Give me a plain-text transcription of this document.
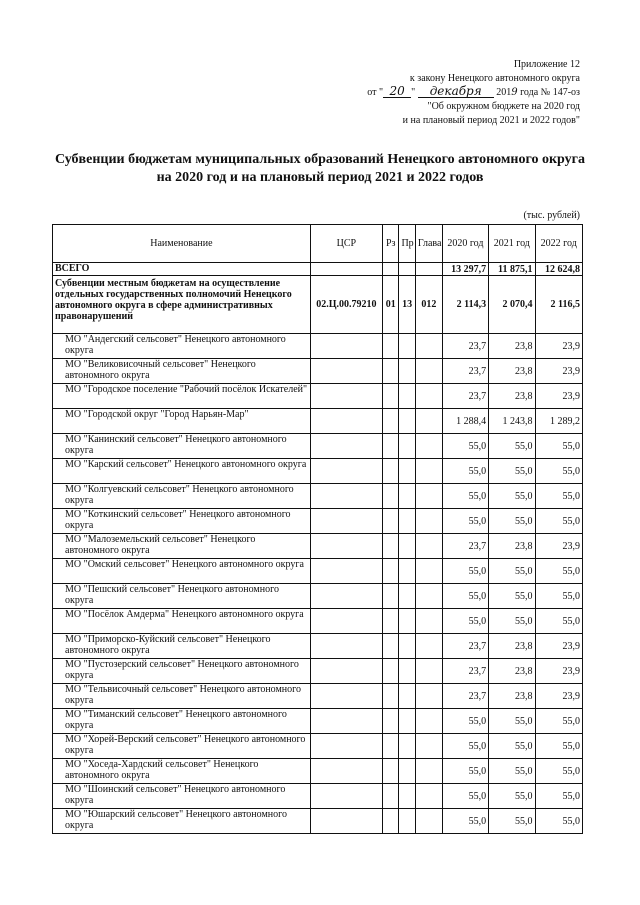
Приложение 12
к закону Ненецкого автономного округа
от " 20 " декабря 2019 года № 147-оз
"Об окружном бюджете на 2020 год
и на плановый период 2021 и 2022 годов"
Субвенции бюджетам муниципальных образований Ненецкого автономного округа
на 2020 год и на плановый период 2021 и 2022 годов
(тыс. рублей)
Наименование	ЦСР	Рз	Пр	Глава	2020 год	2021 год	2022 год
ВСЕГО					13 297,7	11 875,1	12 624,8
Субвенции местным бюджетам на осуществление отдельных государственных полномочий Ненецкого автономного округа в сфере административных правонарушений	02.Ц.00.79210	01	13	012	2 114,3	2 070,4	2 116,5
МО "Андегский сельсовет" Ненецкого автономного округа					23,7	23,8	23,9
МО "Великовисочный сельсовет" Ненецкого автономного округа					23,7	23,8	23,9
МО "Городское поселение "Рабочий посёлок Искателей"					23,7	23,8	23,9
МО "Городской округ "Город Нарьян-Мар"					1 288,4	1 243,8	1 289,2
МО "Канинский сельсовет" Ненецкого автономного округа					55,0	55,0	55,0
МО "Карский сельсовет" Ненецкого автономного округа					55,0	55,0	55,0
МО "Колгуевский сельсовет" Ненецкого автономного округа					55,0	55,0	55,0
МО "Коткинский сельсовет" Ненецкого автономного округа					55,0	55,0	55,0
МО "Малоземельский сельсовет" Ненецкого автономного округа					23,7	23,8	23,9
МО "Омский сельсовет" Ненецкого автономного округа					55,0	55,0	55,0
МО "Пешский сельсовет" Ненецкого автономного округа					55,0	55,0	55,0
МО "Посёлок Амдерма" Ненецкого автономного округа					55,0	55,0	55,0
МО "Приморско-Куйский сельсовет" Ненецкого автономного округа					23,7	23,8	23,9
МО "Пустозерский сельсовет" Ненецкого автономного округа					23,7	23,8	23,9
МО "Тельвисочный сельсовет" Ненецкого автономного округа					23,7	23,8	23,9
МО "Тиманский сельсовет" Ненецкого автономного округа					55,0	55,0	55,0
МО "Хорей-Верский сельсовет" Ненецкого автономного округа					55,0	55,0	55,0
МО "Хоседа-Хардский сельсовет" Ненецкого автономного округа					55,0	55,0	55,0
МО "Шоинский сельсовет" Ненецкого автономного округа					55,0	55,0	55,0
МО "Юшарский сельсовет" Ненецкого автономного округа					55,0	55,0	55,0
